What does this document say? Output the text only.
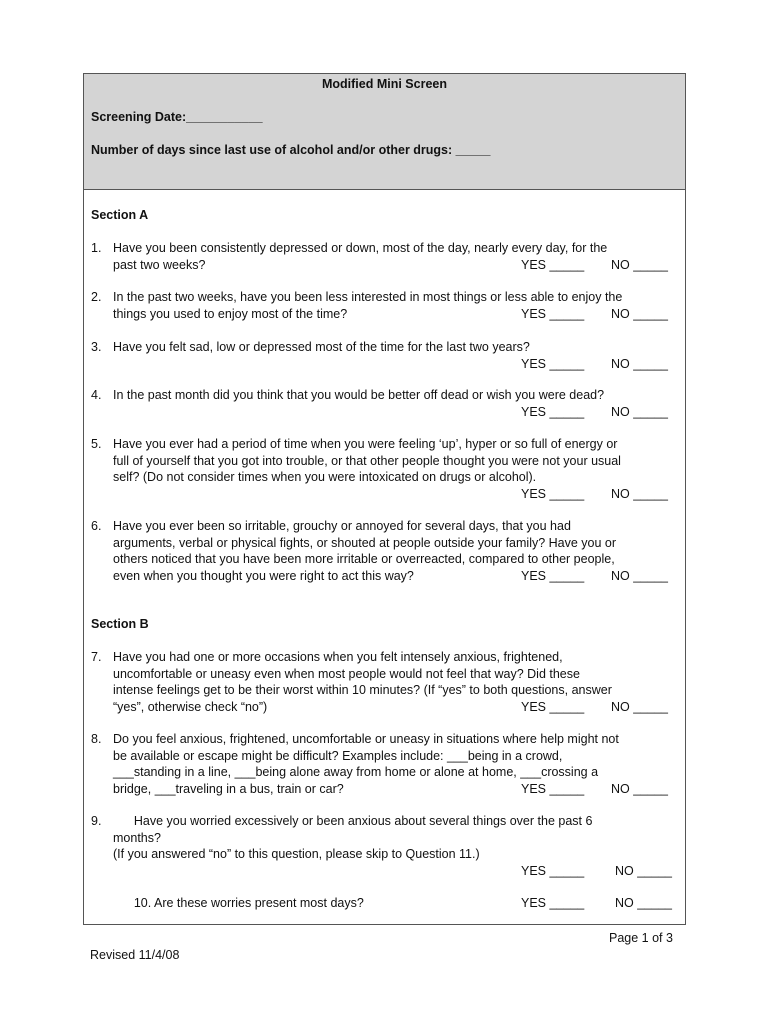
Modified Mini Screen
Screening Date:___________
Number of days since last use of alcohol and/or other drugs: _____
Section A
1. Have you been consistently depressed or down, most of the day, nearly every day, for the
past two weeks?	YES _____ NO _____
2. In the past two weeks, have you been less interested in most things or less able to enjoy the
things you used to enjoy most of the time?	YES _____ NO _____
3. Have you felt sad, low or depressed most of the time for the last two years?
YES _____ NO _____
4. In the past month did you think that you would be better off dead or wish you were dead?
YES _____ NO _____
5. Have you ever had a period of time when you were feeling ‘up’, hyper or so full of energy or
full of yourself that you got into trouble, or that other people thought you were not your usual
self? (Do not consider times when you were intoxicated on drugs or alcohol).
YES _____ NO _____
6. Have you ever been so irritable, grouchy or annoyed for several days, that you had
arguments, verbal or physical fights, or shouted at people outside your family? Have you or
others noticed that you have been more irritable or overreacted, compared to other people,
even when you thought you were right to act this way?	YES _____ NO _____
Section B
7. Have you had one or more occasions when you felt intensely anxious, frightened,
uncomfortable or uneasy even when most people would not feel that way? Did these
intense feelings get to be their worst within 10 minutes? (If “yes” to both questions, answer
“yes”, otherwise check “no”)	YES _____ NO _____
8. Do you feel anxious, frightened, uncomfortable or uneasy in situations where help might not
be available or escape might be difficult? Examples include: ___being in a crowd,
___standing in a line, ___being alone away from home or alone at home, ___crossing a
bridge, ___traveling in a bus, train or car?	YES _____ NO _____
9. Have you worried excessively or been anxious about several things over the past 6
months?
(If you answered “no” to this question, please skip to Question 11.)
YES _____ NO _____
10. Are these worries present most days?	YES _____ NO _____
Page 1 of 3
Revised 11/4/08
